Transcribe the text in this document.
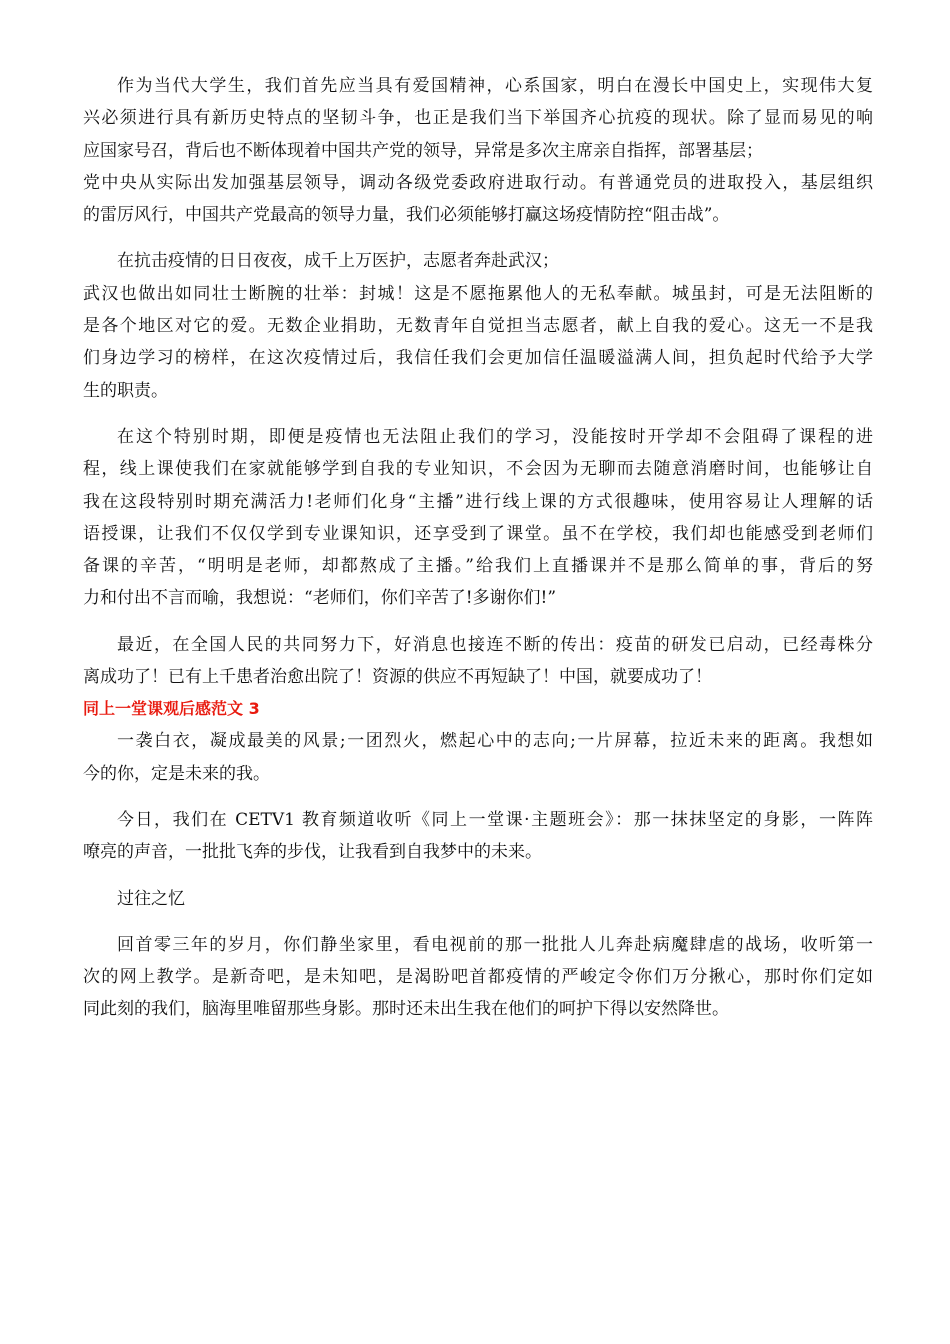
作为当代大学生，我们首先应当具有爱国精神，心系国家，明白在漫长中国史上，实现伟大复
兴必须进行具有新历史特点的坚韧斗争，也正是我们当下举国齐心抗疫的现状。除了显而易见的响
应国家号召，背后也不断体现着中国共产党的领导，异常是多次主席亲自指挥，部署基层；
党中央从实际出发加强基层领导，调动各级党委政府进取行动。有普通党员的进取投入，基层组织
的雷厉风行，中国共产党最高的领导力量，我们必须能够打赢这场疫情防控“阻击战”。
在抗击疫情的日日夜夜，成千上万医护，志愿者奔赴武汉；
武汉也做出如同壮士断腕的壮举：封城！这是不愿拖累他人的无私奉献。城虽封，可是无法阻断的
是各个地区对它的爱。无数企业捐助，无数青年自觉担当志愿者，献上自我的爱心。这无一不是我
们身边学习的榜样，在这次疫情过后，我信任我们会更加信任温暖溢满人间，担负起时代给予大学
生的职责。
在这个特别时期，即便是疫情也无法阻止我们的学习，没能按时开学却不会阻碍了课程的进
程，线上课使我们在家就能够学到自我的专业知识，不会因为无聊而去随意消磨时间，也能够让自
我在这段特别时期充满活力!老师们化身“主播”进行线上课的方式很趣味，使用容易让人理解的话
语授课，让我们不仅仅学到专业课知识，还享受到了课堂。虽不在学校，我们却也能感受到老师们
备课的辛苦，“明明是老师，却都熬成了主播。”给我们上直播课并不是那么简单的事，背后的努
力和付出不言而喻，我想说：“老师们，你们辛苦了!多谢你们!”
最近，在全国人民的共同努力下，好消息也接连不断的传出：疫苗的研发已启动，已经毒株分
离成功了！已有上千患者治愈出院了！资源的供应不再短缺了！中国，就要成功了！
同上一堂课观后感范文 3
一袭白衣，凝成最美的风景;一团烈火，燃起心中的志向;一片屏幕，拉近未来的距离。我想如
今的你，定是未来的我。
今日，我们在 CETV1 教育频道收听《同上一堂课·主题班会》：那一抹抹坚定的身影，一阵阵
嘹亮的声音，一批批飞奔的步伐，让我看到自我梦中的未来。
过往之忆
回首零三年的岁月，你们静坐家里，看电视前的那一批批人儿奔赴病魔肆虐的战场，收听第一
次的网上教学。是新奇吧，是未知吧，是渴盼吧首都疫情的严峻定令你们万分揪心，那时你们定如
同此刻的我们，脑海里唯留那些身影。那时还未出生我在他们的呵护下得以安然降世。
